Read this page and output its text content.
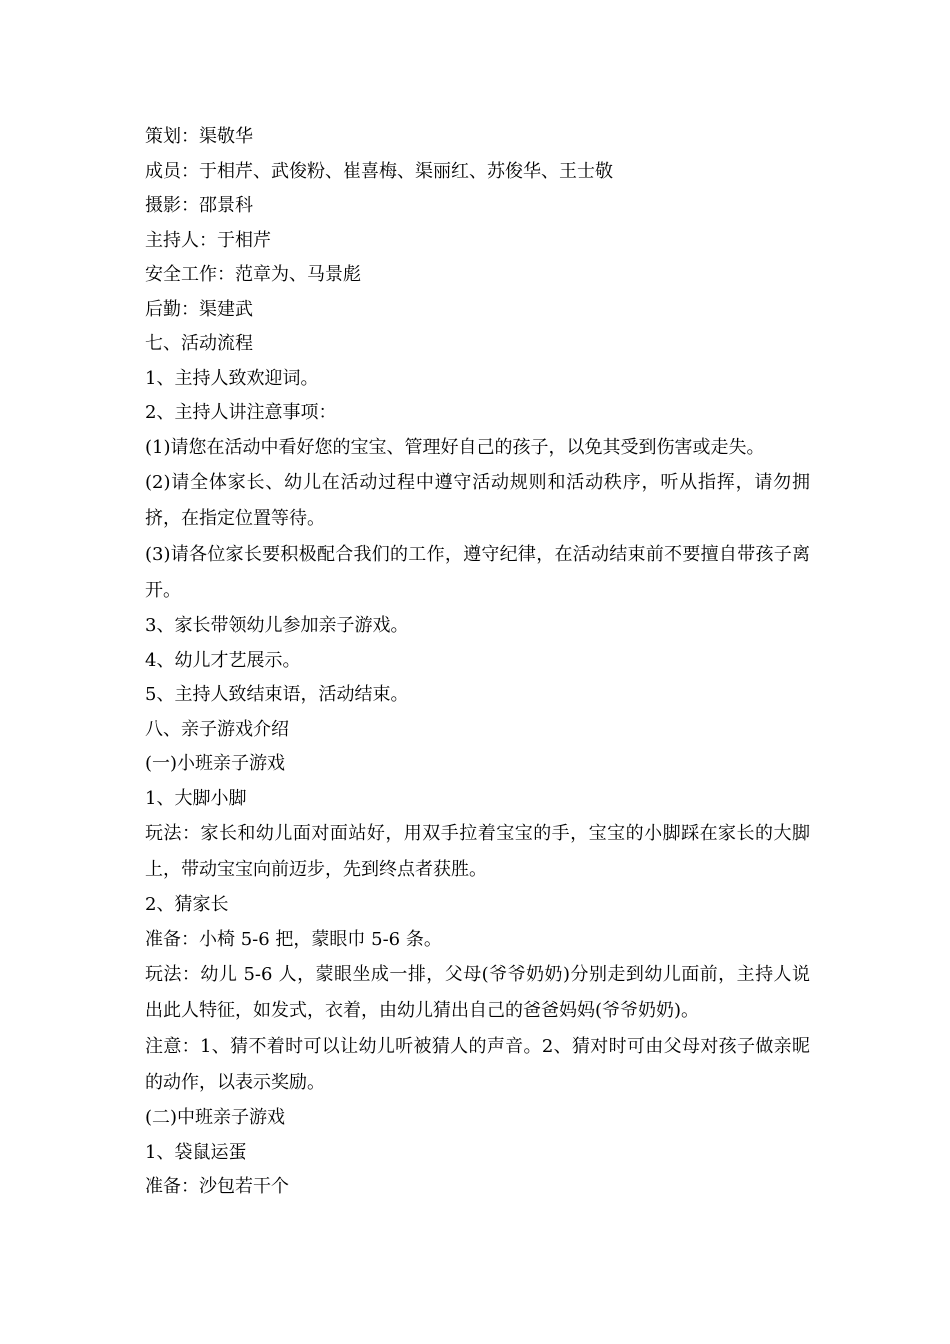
策划：渠敬华
成员：于相芹、武俊粉、崔喜梅、渠丽红、苏俊华、王士敬
摄影：邵景科
主持人：于相芹
安全工作：范章为、马景彪
后勤：渠建武
七、活动流程
1、主持人致欢迎词。
2、主持人讲注意事项：
(1)请您在活动中看好您的宝宝、管理好自己的孩子，以免其受到伤害或走失。
(2)请全体家长、幼儿在活动过程中遵守活动规则和活动秩序，听从指挥，请勿拥挤，在指定位置等待。
(3)请各位家长要积极配合我们的工作，遵守纪律，在活动结束前不要擅自带孩子离开。
3、家长带领幼儿参加亲子游戏。
4、幼儿才艺展示。
5、主持人致结束语，活动结束。
八、亲子游戏介绍
(一)小班亲子游戏
1、大脚小脚
玩法：家长和幼儿面对面站好，用双手拉着宝宝的手，宝宝的小脚踩在家长的大脚上，带动宝宝向前迈步，先到终点者获胜。
2、猜家长
准备：小椅 5-6 把，蒙眼巾 5-6 条。
玩法：幼儿 5-6 人，蒙眼坐成一排，父母(爷爷奶奶)分别走到幼儿面前，主持人说出此人特征，如发式，衣着，由幼儿猜出自己的爸爸妈妈(爷爷奶奶)。
注意：1、猜不着时可以让幼儿听被猜人的声音。2、猜对时可由父母对孩子做亲昵的动作，以表示奖励。
(二)中班亲子游戏
1、袋鼠运蛋
准备：沙包若干个
